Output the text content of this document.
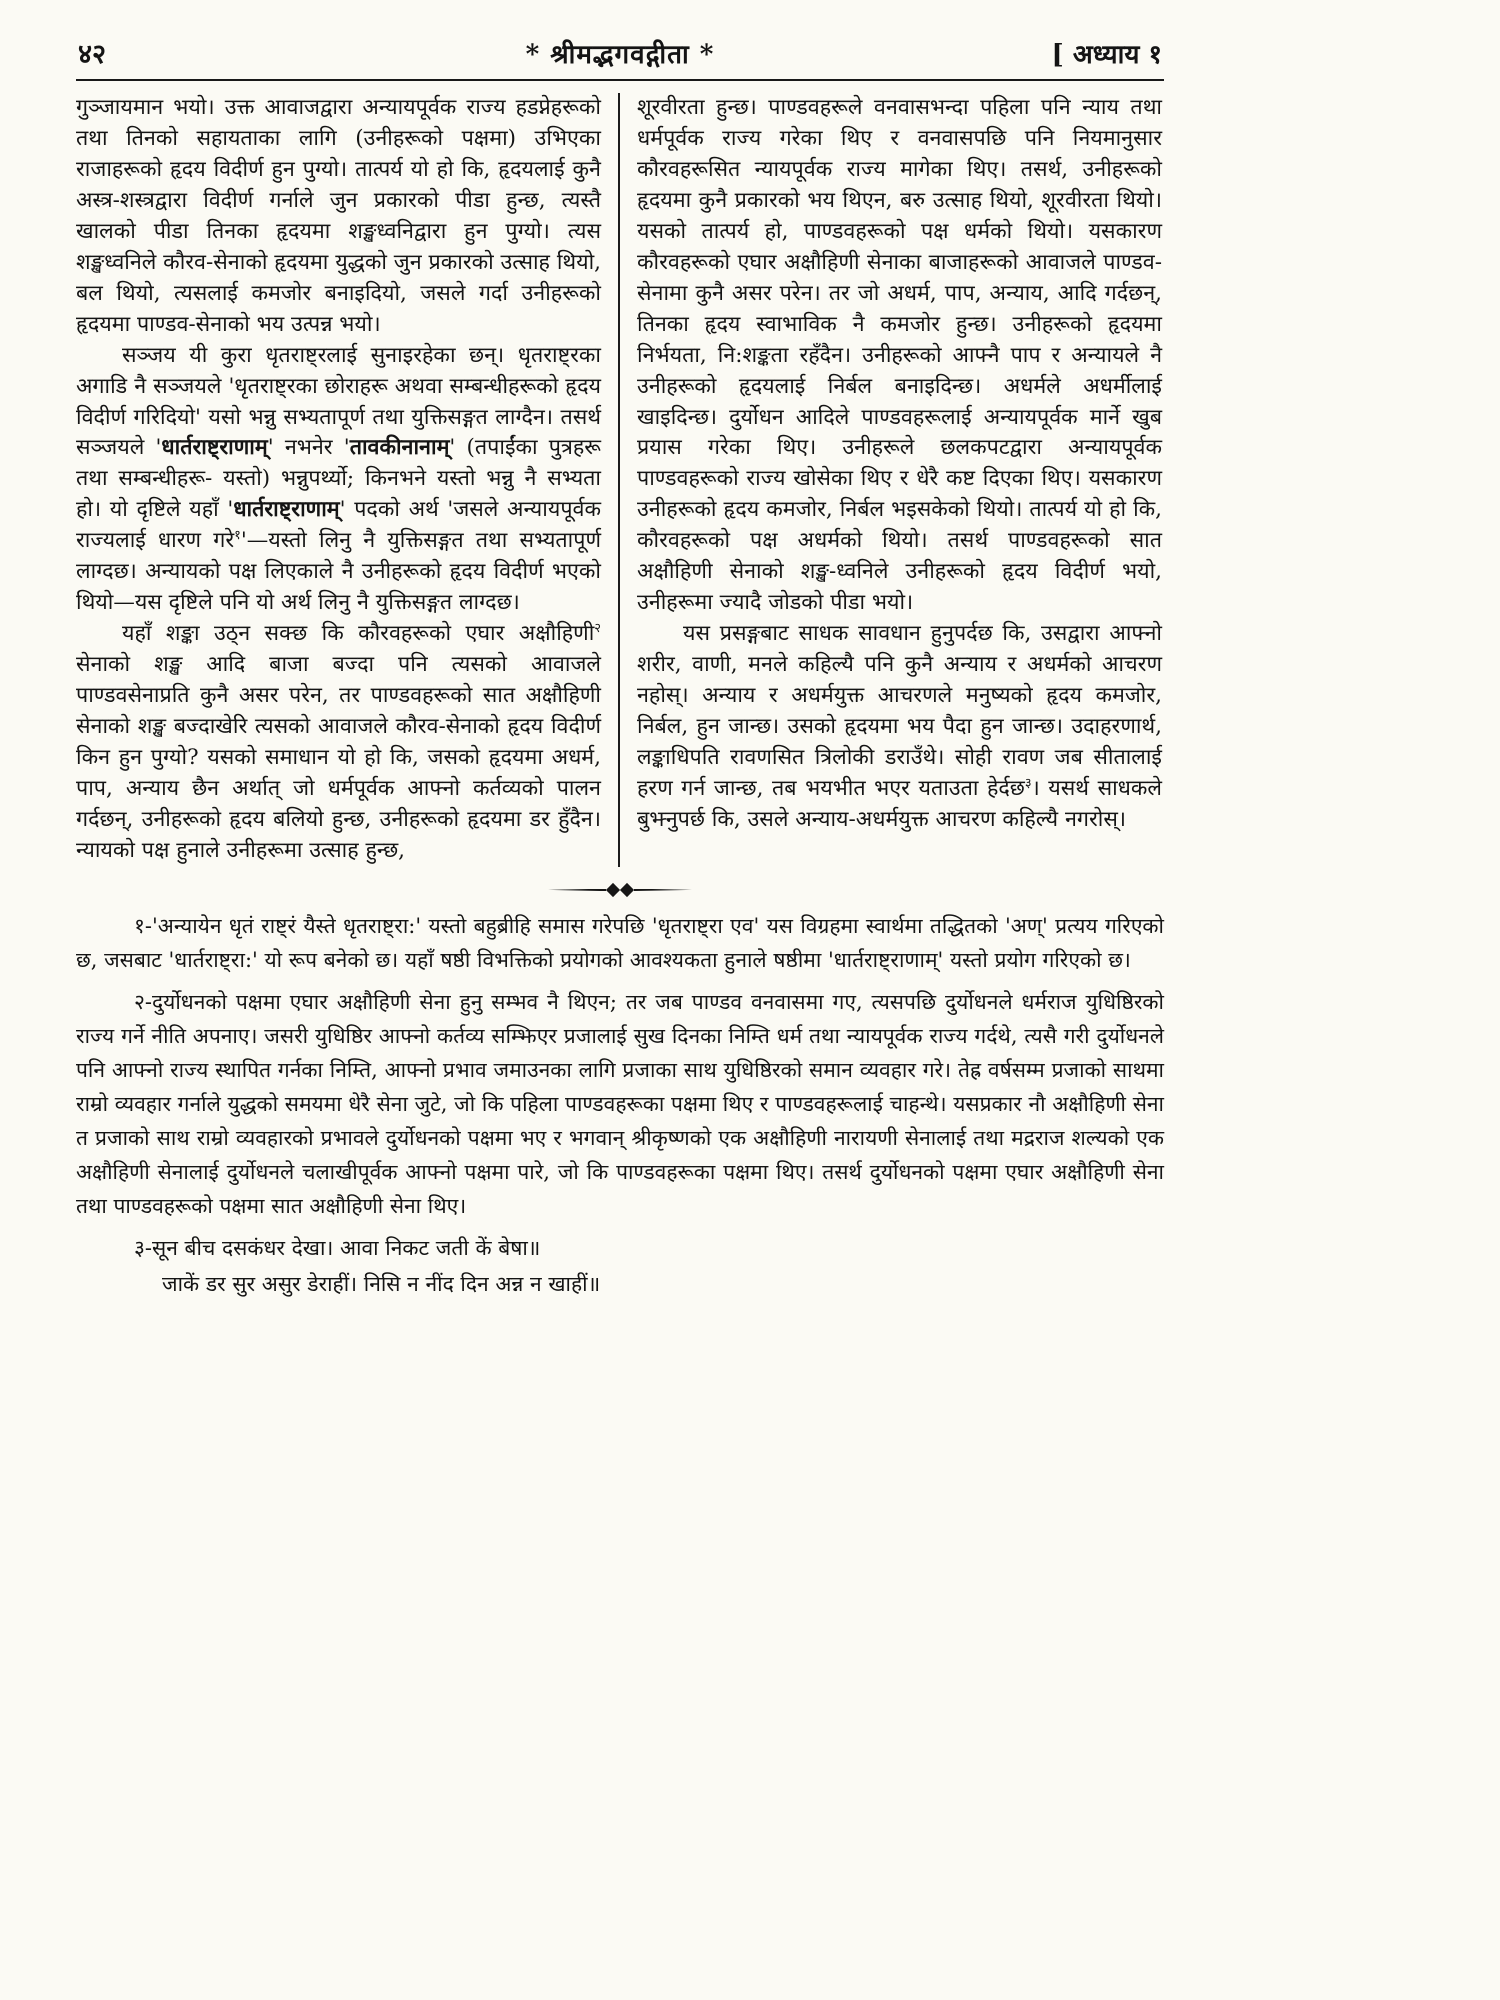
४२	* श्रीमद्भगवद्गीता *	[ अध्याय १

गुञ्जायमान भयो। उक्त आवाजद्वारा अन्यायपूर्वक राज्य हडप्नेहरूको तथा तिनको सहायताका लागि (उनीहरूको पक्षमा) उभिएका राजाहरूको हृदय विदीर्ण हुन पुग्यो। तात्पर्य यो हो कि, हृदयलाई कुनै अस्त्र-शस्त्रद्वारा विदीर्ण गर्नाले जुन प्रकारको पीडा हुन्छ, त्यस्तै खालको पीडा तिनका हृदयमा शङ्खध्वनिद्वारा हुन पुग्यो। त्यस शङ्खध्वनिले कौरव-सेनाको हृदयमा युद्धको जुन प्रकारको उत्साह थियो, बल थियो, त्यसलाई कमजोर बनाइदियो, जसले गर्दा उनीहरूको हृदयमा पाण्डव-सेनाको भय उत्पन्न भयो।

सञ्जय यी कुरा धृतराष्ट्रलाई सुनाइरहेका छन्। धृतराष्ट्रका अगाडि नै सञ्जयले 'धृतराष्ट्रका छोराहरू अथवा सम्बन्धीहरूको हृदय विदीर्ण गरिदियो' यसो भन्नु सभ्यतापूर्ण तथा युक्तिसङ्गत लाग्दैन। तसर्थ सञ्जयले 'धार्तराष्ट्राणाम्' नभनेर 'तावकीनानाम्' (तपाईंका पुत्रहरू तथा सम्बन्धीहरू- यस्तो) भन्नुपर्थ्यो; किनभने यस्तो भन्नु नै सभ्यता हो। यो दृष्टिले यहाँ 'धार्तराष्ट्राणाम्' पदको अर्थ 'जसले अन्यायपूर्वक राज्यलाई धारण गरे$^१$'—यस्तो लिनु नै युक्तिसङ्गत तथा सभ्यतापूर्ण लाग्दछ। अन्यायको पक्ष लिएकाले नै उनीहरूको हृदय विदीर्ण भएको थियो—यस दृष्टिले पनि यो अर्थ लिनु नै युक्तिसङ्गत लाग्दछ।

यहाँ शङ्का उठ्न सक्छ कि कौरवहरूको एघार अक्षौहिणी$^२$ सेनाको शङ्ख आदि बाजा बज्दा पनि त्यसको आवाजले पाण्डवसेनाप्रति कुनै असर परेन, तर पाण्डवहरूको सात अक्षौहिणी सेनाको शङ्ख बज्दाखेरि त्यसको आवाजले कौरव-सेनाको हृदय विदीर्ण किन हुन पुग्यो? यसको समाधान यो हो कि, जसको हृदयमा अधर्म, पाप, अन्याय छैन अर्थात् जो धर्मपूर्वक आफ्नो कर्तव्यको पालन गर्दछन्, उनीहरूको हृदय बलियो हुन्छ, उनीहरूको हृदयमा डर हुँदैन। न्यायको पक्ष हुनाले उनीहरूमा उत्साह हुन्छ,

शूरवीरता हुन्छ। पाण्डवहरूले वनवासभन्दा पहिला पनि न्याय तथा धर्मपूर्वक राज्य गरेका थिए र वनवासपछि पनि नियमानुसार कौरवहरूसित न्यायपूर्वक राज्य मागेका थिए। तसर्थ, उनीहरूको हृदयमा कुनै प्रकारको भय थिएन, बरु उत्साह थियो, शूरवीरता थियो। यसको तात्पर्य हो, पाण्डवहरूको पक्ष धर्मको थियो। यसकारण कौरवहरूको एघार अक्षौहिणी सेनाका बाजाहरूको आवाजले पाण्डव-सेनामा कुनै असर परेन। तर जो अधर्म, पाप, अन्याय, आदि गर्दछन्, तिनका हृदय स्वाभाविक नै कमजोर हुन्छ। उनीहरूको हृदयमा निर्भयता, नि:शङ्कता रहँदैन। उनीहरूको आफ्नै पाप र अन्यायले नै उनीहरूको हृदयलाई निर्बल बनाइदिन्छ। अधर्मले अधर्मीलाई खाइदिन्छ। दुर्योधन आदिले पाण्डवहरूलाई अन्यायपूर्वक मार्ने खुब प्रयास गरेका थिए। उनीहरूले छलकपटद्वारा अन्यायपूर्वक पाण्डवहरूको राज्य खोसेका थिए र धेरै कष्ट दिएका थिए। यसकारण उनीहरूको हृदय कमजोर, निर्बल भइसकेको थियो। तात्पर्य यो हो कि, कौरवहरूको पक्ष अधर्मको थियो। तसर्थ पाण्डवहरूको सात अक्षौहिणी सेनाको शङ्ख-ध्वनिले उनीहरूको हृदय विदीर्ण भयो, उनीहरूमा ज्यादै जोडको पीडा भयो।

यस प्रसङ्गबाट साधक सावधान हुनुपर्दछ कि, उसद्वारा आफ्नो शरीर, वाणी, मनले कहिल्यै पनि कुनै अन्याय र अधर्मको आचरण नहोस्। अन्याय र अधर्मयुक्त आचरणले मनुष्यको हृदय कमजोर, निर्बल, हुन जान्छ। उसको हृदयमा भय पैदा हुन जान्छ। उदाहरणार्थ, लङ्काधिपति रावणसित त्रिलोकी डराउँथे। सोही रावण जब सीतालाई हरण गर्न जान्छ, तब भयभीत भएर यताउता हेर्दछ$^३$। यसर्थ साधकले बुझ्नुपर्छ कि, उसले अन्याय-अधर्मयुक्त आचरण कहिल्यै नगरोस्।

१-'अन्यायेन धृतं राष्ट्रं यैस्ते धृतराष्ट्रा:' यस्तो बहुब्रीहि समास गरेपछि 'धृतराष्ट्रा एव' यस विग्रहमा स्वार्थमा तद्धितको 'अण्' प्रत्यय गरिएको छ, जसबाट 'धार्तराष्ट्रा:' यो रूप बनेको छ। यहाँ षष्ठी विभक्तिको प्रयोगको आवश्यकता हुनाले षष्ठीमा 'धार्तराष्ट्राणाम्' यस्तो प्रयोग गरिएको छ।

२-दुर्योधनको पक्षमा एघार अक्षौहिणी सेना हुनु सम्भव नै थिएन; तर जब पाण्डव वनवासमा गए, त्यसपछि दुर्योधनले धर्मराज युधिष्ठिरको राज्य गर्ने नीति अपनाए। जसरी युधिष्ठिर आफ्नो कर्तव्य सम्झिएर प्रजालाई सुख दिनका निम्ति धर्म तथा न्यायपूर्वक राज्य गर्दथे, त्यसै गरी दुर्योधनले पनि आफ्नो राज्य स्थापित गर्नका निम्ति, आफ्नो प्रभाव जमाउनका लागि प्रजाका साथ युधिष्ठिरको समान व्यवहार गरे। तेह्र वर्षसम्म प्रजाको साथमा राम्रो व्यवहार गर्नाले युद्धको समयमा धेरै सेना जुटे, जो कि पहिला पाण्डवहरूका पक्षमा थिए र पाण्डवहरूलाई चाहन्थे। यसप्रकार नौ अक्षौहिणी सेना त प्रजाको साथ राम्रो व्यवहारको प्रभावले दुर्योधनको पक्षमा भए र भगवान् श्रीकृष्णको एक अक्षौहिणी नारायणी सेनालाई तथा मद्रराज शल्यको एक अक्षौहिणी सेनालाई दुर्योधनले चलाखीपूर्वक आफ्नो पक्षमा पारे, जो कि पाण्डवहरूका पक्षमा थिए। तसर्थ दुर्योधनको पक्षमा एघार अक्षौहिणी सेना तथा पाण्डवहरूको पक्षमा सात अक्षौहिणी सेना थिए।

३-सून बीच दसकंधर देखा। आवा निकट जती कें बेषा॥

जाकें डर सुर असुर डेराहीं। निसि न नींद दिन अन्न न खाहीं॥
